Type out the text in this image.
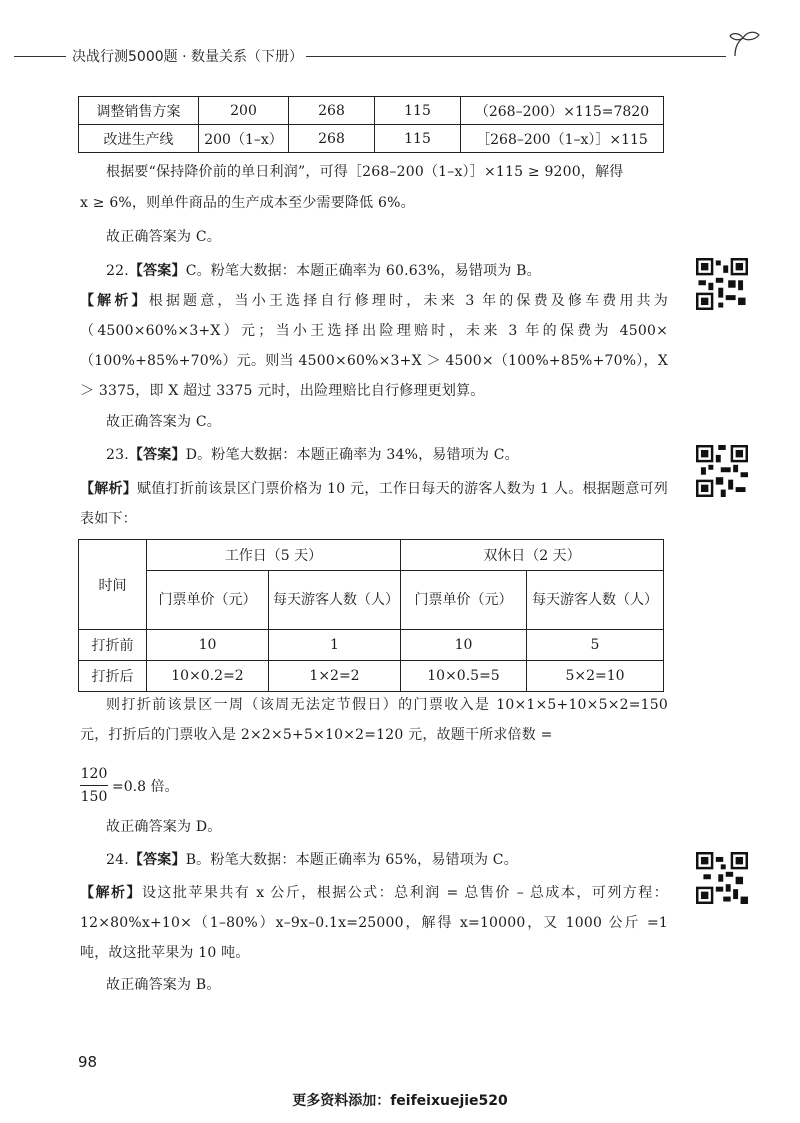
决战行测5000题 · 数量关系（下册）
调整销售方案	200	268	115	（268–200）×115=7820
改进生产线	200（1–x）	268	115	［268–200（1–x）］×115
根据要“保持降价前的单日利润”，可得［268–200（1–x）］×115 ≥ 9200，解得
x ≥ 6%，则单件商品的生产成本至少需要降低 6%。
故正确答案为 C。
22.【答案】C。粉笔大数据：本题正确率为 60.63%，易错项为 B。
【解析】根据题意，当小王选择自行修理时，未来 3 年的保费及修车费用共为（4500×60%×3+X）元；当小王选择出险理赔时，未来 3 年的保费为 4500×（100%+85%+70%）元。则当 4500×60%×3+X ＞ 4500×（100%+85%+70%），X ＞ 3375，即 X 超过 3375 元时，出险理赔比自行修理更划算。
故正确答案为 C。
23.【答案】D。粉笔大数据：本题正确率为 34%，易错项为 C。
【解析】赋值打折前该景区门票价格为 10 元，工作日每天的游客人数为 1 人。根据题意可列表如下：
时间	工作日（5 天）		双休日（2 天）	
	门票单价（元）	每天游客人数（人）	门票单价（元）	每天游客人数（人）
打折前	10	1	10	5
打折后	10×0.2=2	1×2=2	10×0.5=5	5×2=10
则打折前该景区一周（该周无法定节假日）的门票收入是 10×1×5+10×5×2=150 元，打折后的门票收入是 2×2×5+5×10×2=120 元，故题干所求倍数 =
120
150
=0.8 倍。
故正确答案为 D。
24.【答案】B。粉笔大数据：本题正确率为 65%，易错项为 C。
【解析】设这批苹果共有 x 公斤，根据公式：总利润 = 总售价 – 总成本，可列方程：12×80%x+10×（1–80%）x–9x–0.1x=25000，解得 x=10000，又 1000 公斤 =1 吨，故这批苹果为 10 吨。
故正确答案为 B。
98
更多资料添加：feifeixuejie520
